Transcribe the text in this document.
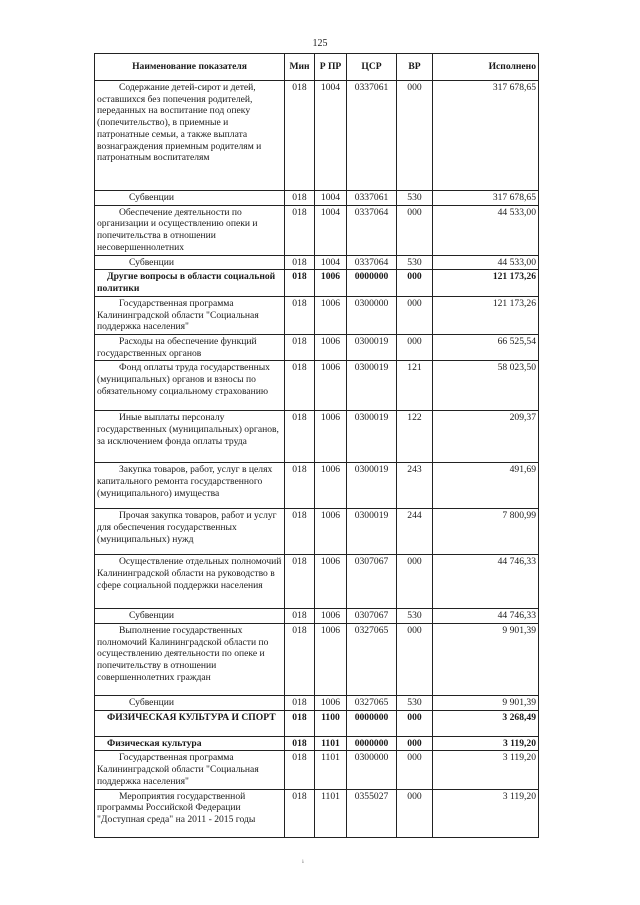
125
Наименование показателя	Мин	Р ПР	ЦСР	ВР	Исполнено

Содержание детей-сирот и детей, оставшихся без попечения родителей, переданных на воспитание под опеку (попечительство), в приемные и патронатные семьи, а также выплата вознаграждения приемным родителям и патронатным воспитателям	018	1004	0337061	000	317 678,65

Субвенции	018	1004	0337061	530	317 678,65

Обеспечение деятельности по организации и осуществлению опеки и попечительства в отношении несовершеннолетних	018	1004	0337064	000	44 533,00

Субвенции	018	1004	0337064	530	44 533,00

Другие вопросы в области социальной политики	018	1006	0000000	000	121 173,26

Государственная программа Калининградской области "Социальная поддержка населения"	018	1006	0300000	000	121 173,26

Расходы на обеспечение функций государственных органов	018	1006	0300019	000	66 525,54

Фонд оплаты труда государственных (муниципальных) органов и взносы по обязательному социальному страхованию	018	1006	0300019	121	58 023,50

Иные выплаты персоналу государственных (муниципальных) органов, за исключением фонда оплаты труда	018	1006	0300019	122	209,37

Закупка товаров, работ, услуг в целях капитального ремонта государственного (муниципального) имущества	018	1006	0300019	243	491,69

Прочая закупка товаров, работ и услуг для обеспечения государственных (муниципальных) нужд	018	1006	0300019	244	7 800,99

Осуществление отдельных полномочий Калининградской области на руководство в сфере социальной поддержки населения	018	1006	0307067	000	44 746,33

Субвенции	018	1006	0307067	530	44 746,33

Выполнение государственных полномочий Калининградской области по осуществлению деятельности по опеке и попечительству в отношении совершеннолетних граждан	018	1006	0327065	000	9 901,39

Субвенции	018	1006	0327065	530	9 901,39

ФИЗИЧЕСКАЯ КУЛЬТУРА И СПОРТ	018	1100	0000000	000	3 268,49

Физическая культура	018	1101	0000000	000	3 119,20

Государственная программа Калининградской области "Социальная поддержка населения"	018	1101	0300000	000	3 119,20

Мероприятия государственной программы Российской Федерации "Доступная среда" на 2011 - 2015 годы	018	1101	0355027	000	3 119,20
ⁱ
